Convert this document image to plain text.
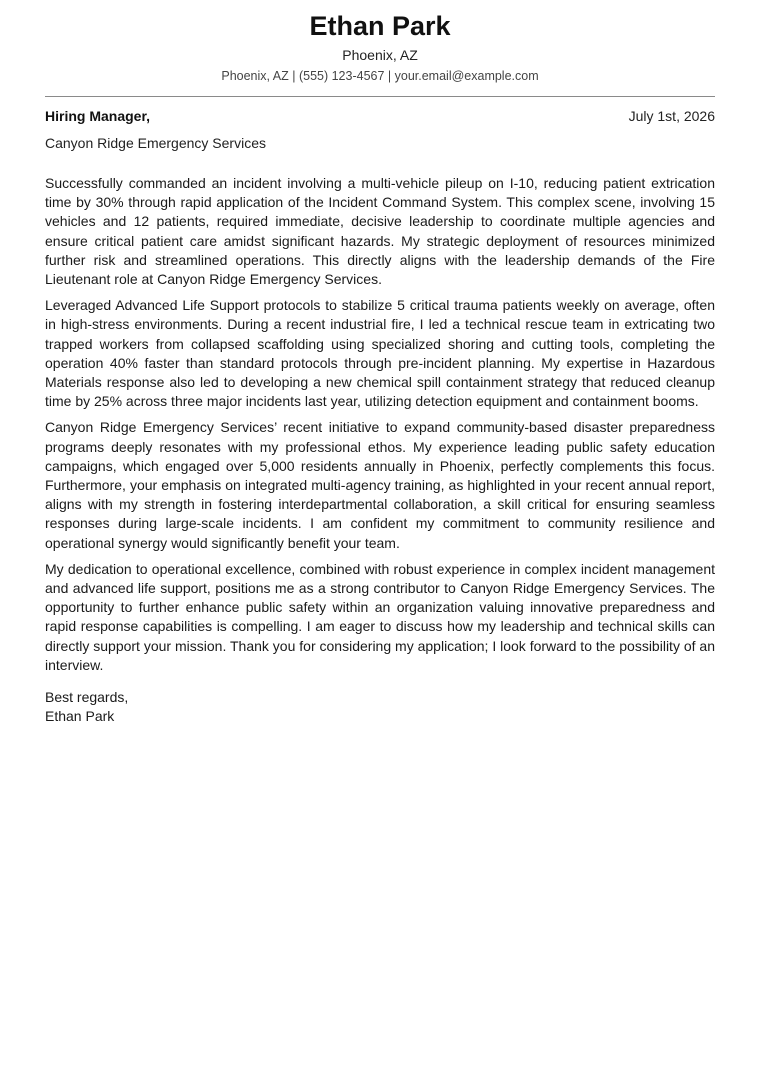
Ethan Park
Phoenix, AZ
Phoenix, AZ | (555) 123-4567 | your.email@example.com
Hiring Manager,	July 1st, 2026
Canyon Ridge Emergency Services

Successfully commanded an incident involving a multi-vehicle pileup on I-10, reducing patient extrication time by 30% through rapid application of the Incident Command System. This complex scene, involving 15 vehicles and 12 patients, required immediate, decisive leadership to coordinate multiple agencies and ensure critical patient care amidst significant hazards. My strategic deployment of resources minimized further risk and streamlined operations. This directly aligns with the leadership demands of the Fire Lieutenant role at Canyon Ridge Emergency Services.

Leveraged Advanced Life Support protocols to stabilize 5 critical trauma patients weekly on average, often in high-stress environments. During a recent industrial fire, I led a technical rescue team in extricating two trapped workers from collapsed scaffolding using specialized shoring and cutting tools, completing the operation 40% faster than standard protocols through pre-incident planning. My expertise in Hazardous Materials response also led to developing a new chemical spill containment strategy that reduced cleanup time by 25% across three major incidents last year, utilizing detection equipment and containment booms.

Canyon Ridge Emergency Services’ recent initiative to expand community-based disaster preparedness programs deeply resonates with my professional ethos. My experience leading public safety education campaigns, which engaged over 5,000 residents annually in Phoenix, perfectly complements this focus. Furthermore, your emphasis on integrated multi-agency training, as highlighted in your recent annual report, aligns with my strength in fostering interdepartmental collaboration, a skill critical for ensuring seamless responses during large-scale incidents. I am confident my commitment to community resilience and operational synergy would significantly benefit your team.

My dedication to operational excellence, combined with robust experience in complex incident management and advanced life support, positions me as a strong contributor to Canyon Ridge Emergency Services. The opportunity to further enhance public safety within an organization valuing innovative preparedness and rapid response capabilities is compelling. I am eager to discuss how my leadership and technical skills can directly support your mission. Thank you for considering my application; I look forward to the possibility of an interview.

Best regards,
Ethan Park
